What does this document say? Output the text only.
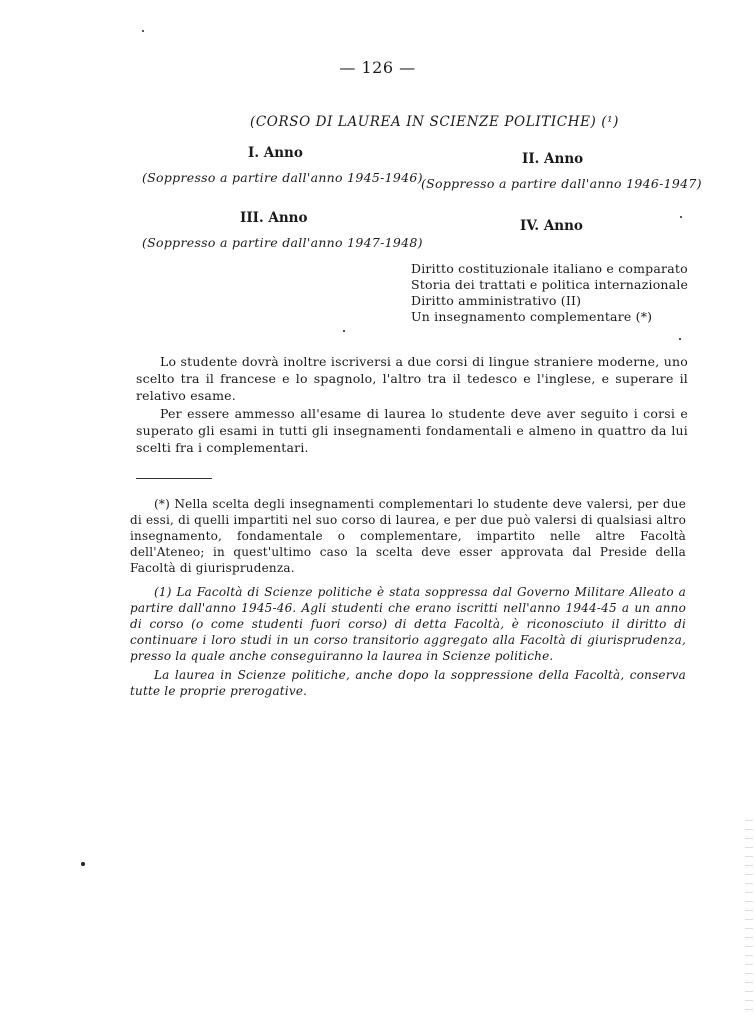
— 126 —
(CORSO DI LAUREA IN SCIENZE POLITICHE) (¹)
I. Anno
(Soppresso a partire dall'anno 1945-1946)
II. Anno
(Soppresso a partire dall'anno 1946-1947)
III. Anno
(Soppresso a partire dall'anno 1947-1948)
IV. Anno
Diritto costituzionale italiano e comparato
Storia dei trattati e politica internazionale
Diritto amministrativo (II)
Un insegnamento complementare (*)
Lo studente dovrà inoltre iscriversi a due corsi di lingue straniere moderne, uno scelto tra il francese e lo spagnolo, l'altro tra il tedesco e l'inglese, e superare il relativo esame.
Per essere ammesso all'esame di laurea lo studente deve aver seguito i corsi e superato gli esami in tutti gli insegnamenti fondamentali e almeno in quattro da lui scelti fra i complementari.
(*) Nella scelta degli insegnamenti complementari lo studente deve valersi, per due di essi, di quelli impartiti nel suo corso di laurea, e per due può valersi di qualsiasi altro insegnamento, fondamentale o complementare, impartito nelle altre Facoltà dell'Ateneo; in quest'ultimo caso la scelta deve esser approvata dal Preside della Facoltà di giurisprudenza.
(1) La Facoltà di Scienze politiche è stata soppressa dal Governo Militare Alleato a partire dall'anno 1945-46. Agli studenti che erano iscritti nell'anno 1944-45 a un anno di corso (o come studenti fuori corso) di detta Facoltà, è riconosciuto il diritto di continuare i loro studi in un corso transitorio aggregato alla Facoltà di giurisprudenza, presso la quale anche conseguiranno la laurea in Scienze politiche.
La laurea in Scienze politiche, anche dopo la soppressione della Facoltà, conserva tutte le proprie prerogative.
